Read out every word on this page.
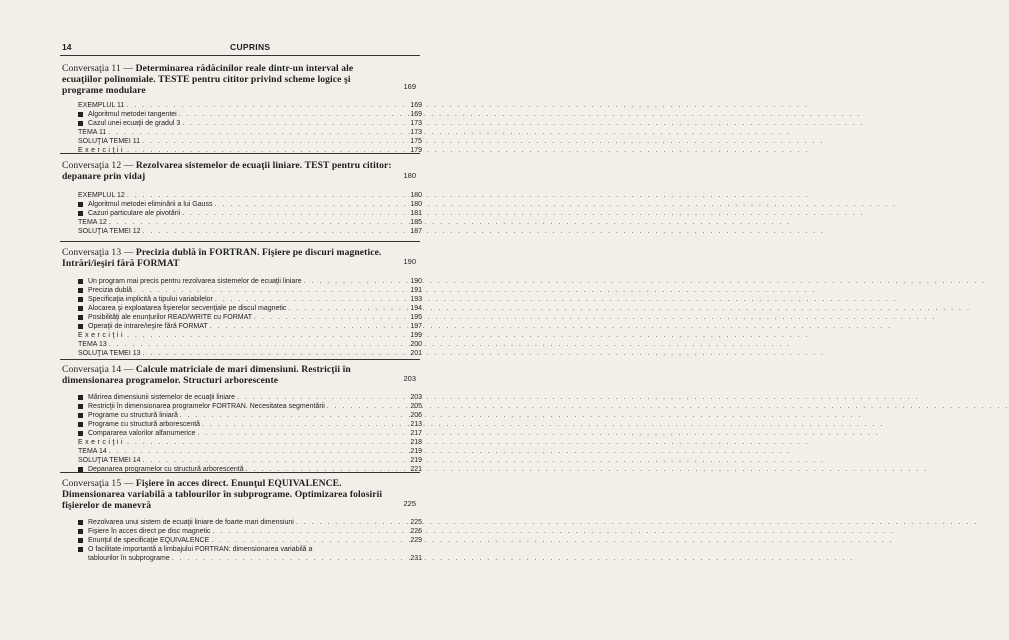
14	CUPRINS
Conversaţia 11 — Determinarea rădăcinilor reale dintr-un interval ale ecuaţiilor polinomiale. TESTE pentru cititor privind scheme logice şi programe modulare	169
EXEMPLUL 11 . . .	169
Algoritmul metodei tangentei . . .	169
Cazul unei ecuaţii de gradul 3 . . .	173
TEMA 11 . . .	173
SOLUŢIA TEMEI 11 . . .	175
Exerciţii . . .	179
Conversaţia 12 — Rezolvarea sistemelor de ecuaţii liniare. TEST pentru cititor: depanare prin vidaj	180
EXEMPLUL 12 . . .	180
Algoritmul metodei eliminării a lui Gauss . . .	180
Cazuri particulare ale pivotării . . .	181
TEMA 12 . . .	185
SOLUŢIA TEMEI 12 . . .	187
Conversaţia 13 — Precizia dublă în FORTRAN. Fişiere pe discuri magnetice. Intrări/ieşiri fără FORMAT	190
Un program mai precis pentru rezolvarea sistemelor de ecuaţii liniare . . .	190
Precizia dublă . . .	191
Specificaţia implicită a tipului variabilelor . . .	193
Alocarea şi exploatarea fişierelor secvenţiale pe discul magnetic . . .	194
Posibilităţi ale enunţurilor READ/WRITE cu FORMAT . . .	195
Operaţii de intrare/ieşire fără FORMAT . . .	197
Exerciţii . . .	199
TEMA 13 . . .	200
SOLUŢIA TEMEI 13 . . .	201
Conversaţia 14 — Calcule matriciale de mari dimensiuni. Restricţii în dimensionarea programelor. Structuri arborescente	203
Mărirea dimensiunii sistemelor de ecuaţii liniare . . .	203
Restricţii în dimensionarea programelor FORTRAN. Necesitatea segmentării . . .	205
Programe cu structură liniară . . .	206
Programe cu structură arborescentă . . .	213
Compararea valorilor alfanumerice . . .	217
Exerciţii . . .	218
TEMA 14 . . .	219
SOLUŢIA TEMEI 14 . . .	219
Depanarea programelor cu structură arborescentă . . .	221
Conversaţia 15 — Fişiere în acces direct. Enunţul EQUIVALENCE. Dimensionarea variabilă a tablourilor în subprograme. Optimizarea folosirii fişierelor de manevră	225
Rezolvarea unui sistem de ecuaţii liniare de foarte mari dimensiuni . . .	225
Fişiere în acces direct pe disc magnetic . . .	226
Enunţul de specificaţie EQUIVALENCE . . .	229
O facilitate importantă a limbajului FORTRAN: dimensionarea variabilă a
tablourilor în subprograme . . .	231
